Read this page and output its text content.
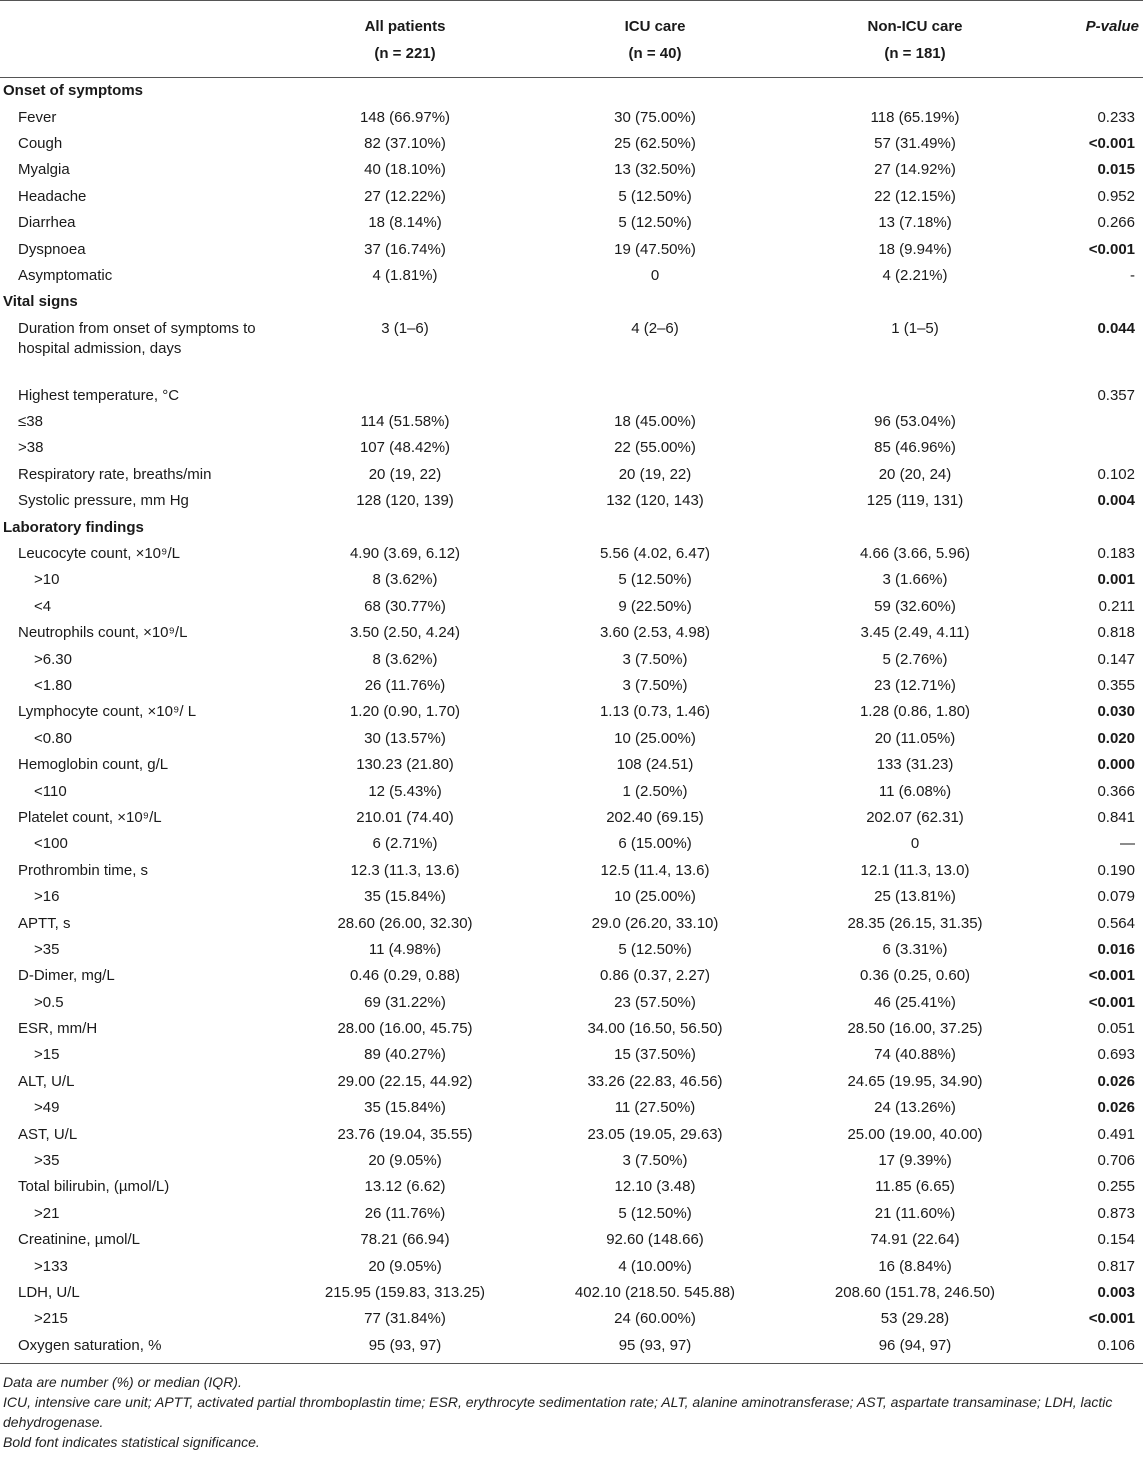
	All patients	ICU care	Non-ICU care	P-value
	(n = 221)	(n = 40)	(n = 181)	
Onset of symptoms				
Fever	148 (66.97%)	30 (75.00%)	118 (65.19%)	0.233
Cough	82 (37.10%)	25 (62.50%)	57 (31.49%)	<0.001
Myalgia	40 (18.10%)	13 (32.50%)	27 (14.92%)	0.015
Headache	27 (12.22%)	5 (12.50%)	22 (12.15%)	0.952
Diarrhea	18 (8.14%)	5 (12.50%)	13 (7.18%)	0.266
Dyspnoea	37 (16.74%)	19 (47.50%)	18 (9.94%)	<0.001
Asymptomatic	4 (1.81%)	0	4 (2.21%)	-
Vital signs				
Duration from onset of symptoms to hospital admission, days	3 (1–6)	4 (2–6)	1 (1–5)	0.044
Highest temperature, °C				0.357
≤38	114 (51.58%)	18 (45.00%)	96 (53.04%)	
>38	107 (48.42%)	22 (55.00%)	85 (46.96%)	
Respiratory rate, breaths/min	20 (19, 22)	20 (19, 22)	20 (20, 24)	0.102
Systolic pressure, mm Hg	128 (120, 139)	132 (120, 143)	125 (119, 131)	0.004
Laboratory findings				
Leucocyte count, ×10⁹/L	4.90 (3.69, 6.12)	5.56 (4.02, 6.47)	4.66 (3.66, 5.96)	0.183
>10	8 (3.62%)	5 (12.50%)	3 (1.66%)	0.001
<4	68 (30.77%)	9 (22.50%)	59 (32.60%)	0.211
Neutrophils count, ×10⁹/L	3.50 (2.50, 4.24)	3.60 (2.53, 4.98)	3.45 (2.49, 4.11)	0.818
>6.30	8 (3.62%)	3 (7.50%)	5 (2.76%)	0.147
<1.80	26 (11.76%)	3 (7.50%)	23 (12.71%)	0.355
Lymphocyte count, ×10⁹/ L	1.20 (0.90, 1.70)	1.13 (0.73, 1.46)	1.28 (0.86, 1.80)	0.030
<0.80	30 (13.57%)	10 (25.00%)	20 (11.05%)	0.020
Hemoglobin count, g/L	130.23 (21.80)	108 (24.51)	133 (31.23)	0.000
<110	12 (5.43%)	1 (2.50%)	11 (6.08%)	0.366
Platelet count, ×10⁹/L	210.01 (74.40)	202.40 (69.15)	202.07 (62.31)	0.841
<100	6 (2.71%)	6 (15.00%)	0	—
Prothrombin time, s	12.3 (11.3, 13.6)	12.5 (11.4, 13.6)	12.1 (11.3, 13.0)	0.190
>16	35 (15.84%)	10 (25.00%)	25 (13.81%)	0.079
APTT, s	28.60 (26.00, 32.30)	29.0 (26.20, 33.10)	28.35 (26.15, 31.35)	0.564
>35	11 (4.98%)	5 (12.50%)	6 (3.31%)	0.016
D-Dimer, mg/L	0.46 (0.29, 0.88)	0.86 (0.37, 2.27)	0.36 (0.25, 0.60)	<0.001
>0.5	69 (31.22%)	23 (57.50%)	46 (25.41%)	<0.001
ESR, mm/H	28.00 (16.00, 45.75)	34.00 (16.50, 56.50)	28.50 (16.00, 37.25)	0.051
>15	89 (40.27%)	15 (37.50%)	74 (40.88%)	0.693
ALT, U/L	29.00 (22.15, 44.92)	33.26 (22.83, 46.56)	24.65 (19.95, 34.90)	0.026
>49	35 (15.84%)	11 (27.50%)	24 (13.26%)	0.026
AST, U/L	23.76 (19.04, 35.55)	23.05 (19.05, 29.63)	25.00 (19.00, 40.00)	0.491
>35	20 (9.05%)	3 (7.50%)	17 (9.39%)	0.706
Total bilirubin, (µmol/L)	13.12 (6.62)	12.10 (3.48)	11.85 (6.65)	0.255
>21	26 (11.76%)	5 (12.50%)	21 (11.60%)	0.873
Creatinine, µmol/L	78.21 (66.94)	92.60 (148.66)	74.91 (22.64)	0.154
>133	20 (9.05%)	4 (10.00%)	16 (8.84%)	0.817
LDH, U/L	215.95 (159.83, 313.25)	402.10 (218.50. 545.88)	208.60 (151.78, 246.50)	0.003
>215	77 (31.84%)	24 (60.00%)	53 (29.28)	<0.001
Oxygen saturation, %	95 (93, 97)	95 (93, 97)	96 (94, 97)	0.106

Data are number (%) or median (IQR).

ICU, intensive care unit; APTT, activated partial thromboplastin time; ESR, erythrocyte sedimentation rate; ALT, alanine aminotransferase; AST, aspartate transaminase; LDH, lactic dehydrogenase.

Bold font indicates statistical significance.
